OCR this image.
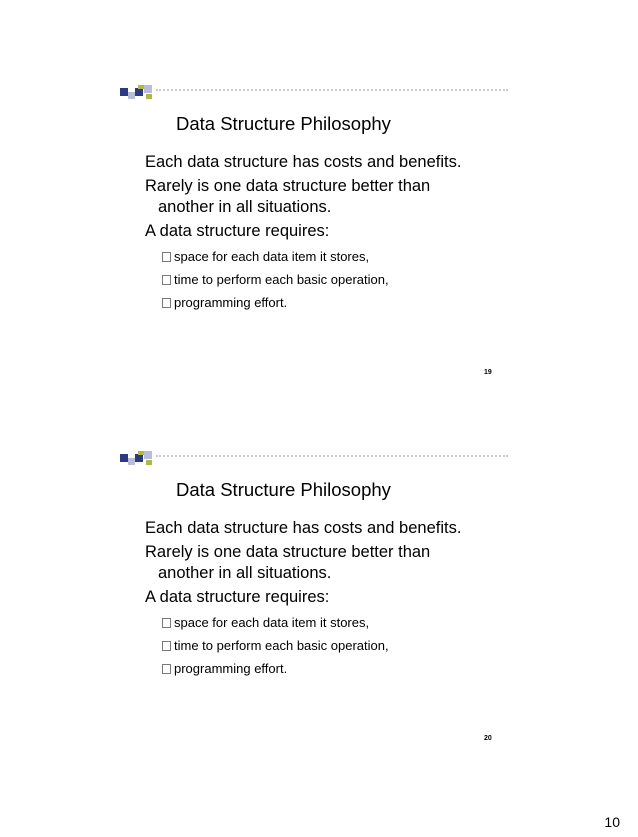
Data Structure Philosophy
Each data structure has costs and benefits.
Rarely is one data structure better than
another in all situations.
A data structure requires:
space for each data item it stores,
time to perform each basic operation,
programming effort.
19
Data Structure Philosophy
Each data structure has costs and benefits.
Rarely is one data structure better than
another in all situations.
A data structure requires:
space for each data item it stores,
time to perform each basic operation,
programming effort.
20
10
